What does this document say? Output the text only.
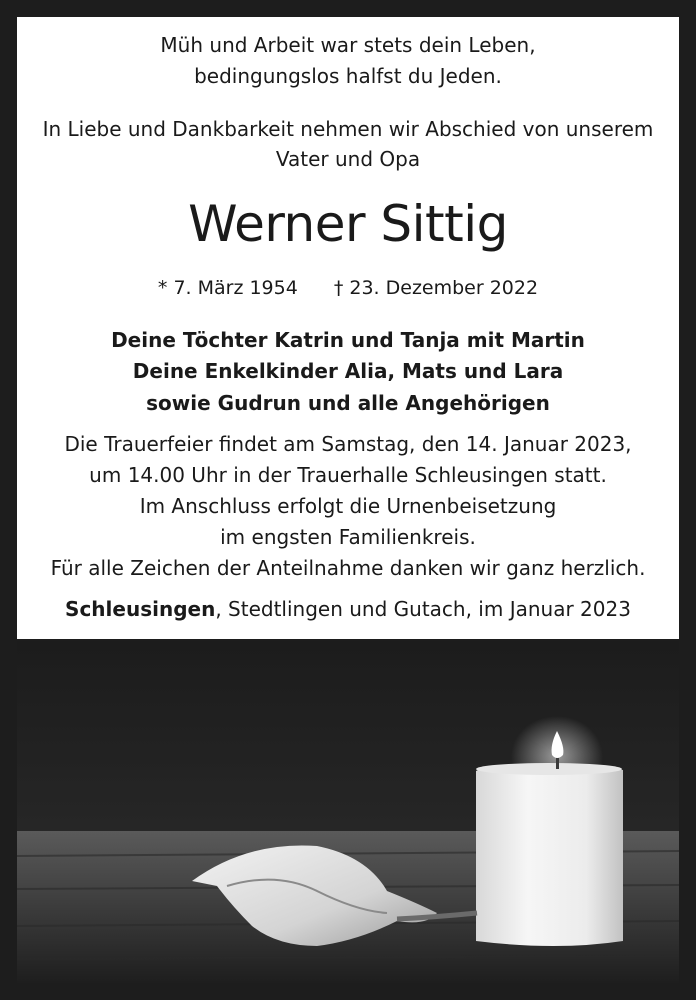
Müh und Arbeit war stets dein Leben,
bedingungslos halfst du Jeden.
In Liebe und Dankbarkeit nehmen wir Abschied von unserem
Vater und Opa
Werner Sittig
* 7. März 1954 † 23. Dezember 2022
Deine Töchter Katrin und Tanja mit Martin
Deine Enkelkinder Alia, Mats und Lara
sowie Gudrun und alle Angehörigen
Die Trauerfeier findet am Samstag, den 14. Januar 2023,
um 14.00 Uhr in der Trauerhalle Schleusingen statt.
Im Anschluss erfolgt die Urnenbeisetzung
im engsten Familienkreis.
Für alle Zeichen der Anteilnahme danken wir ganz herzlich.
Schleusingen, Stedtlingen und Gutach, im Januar 2023
